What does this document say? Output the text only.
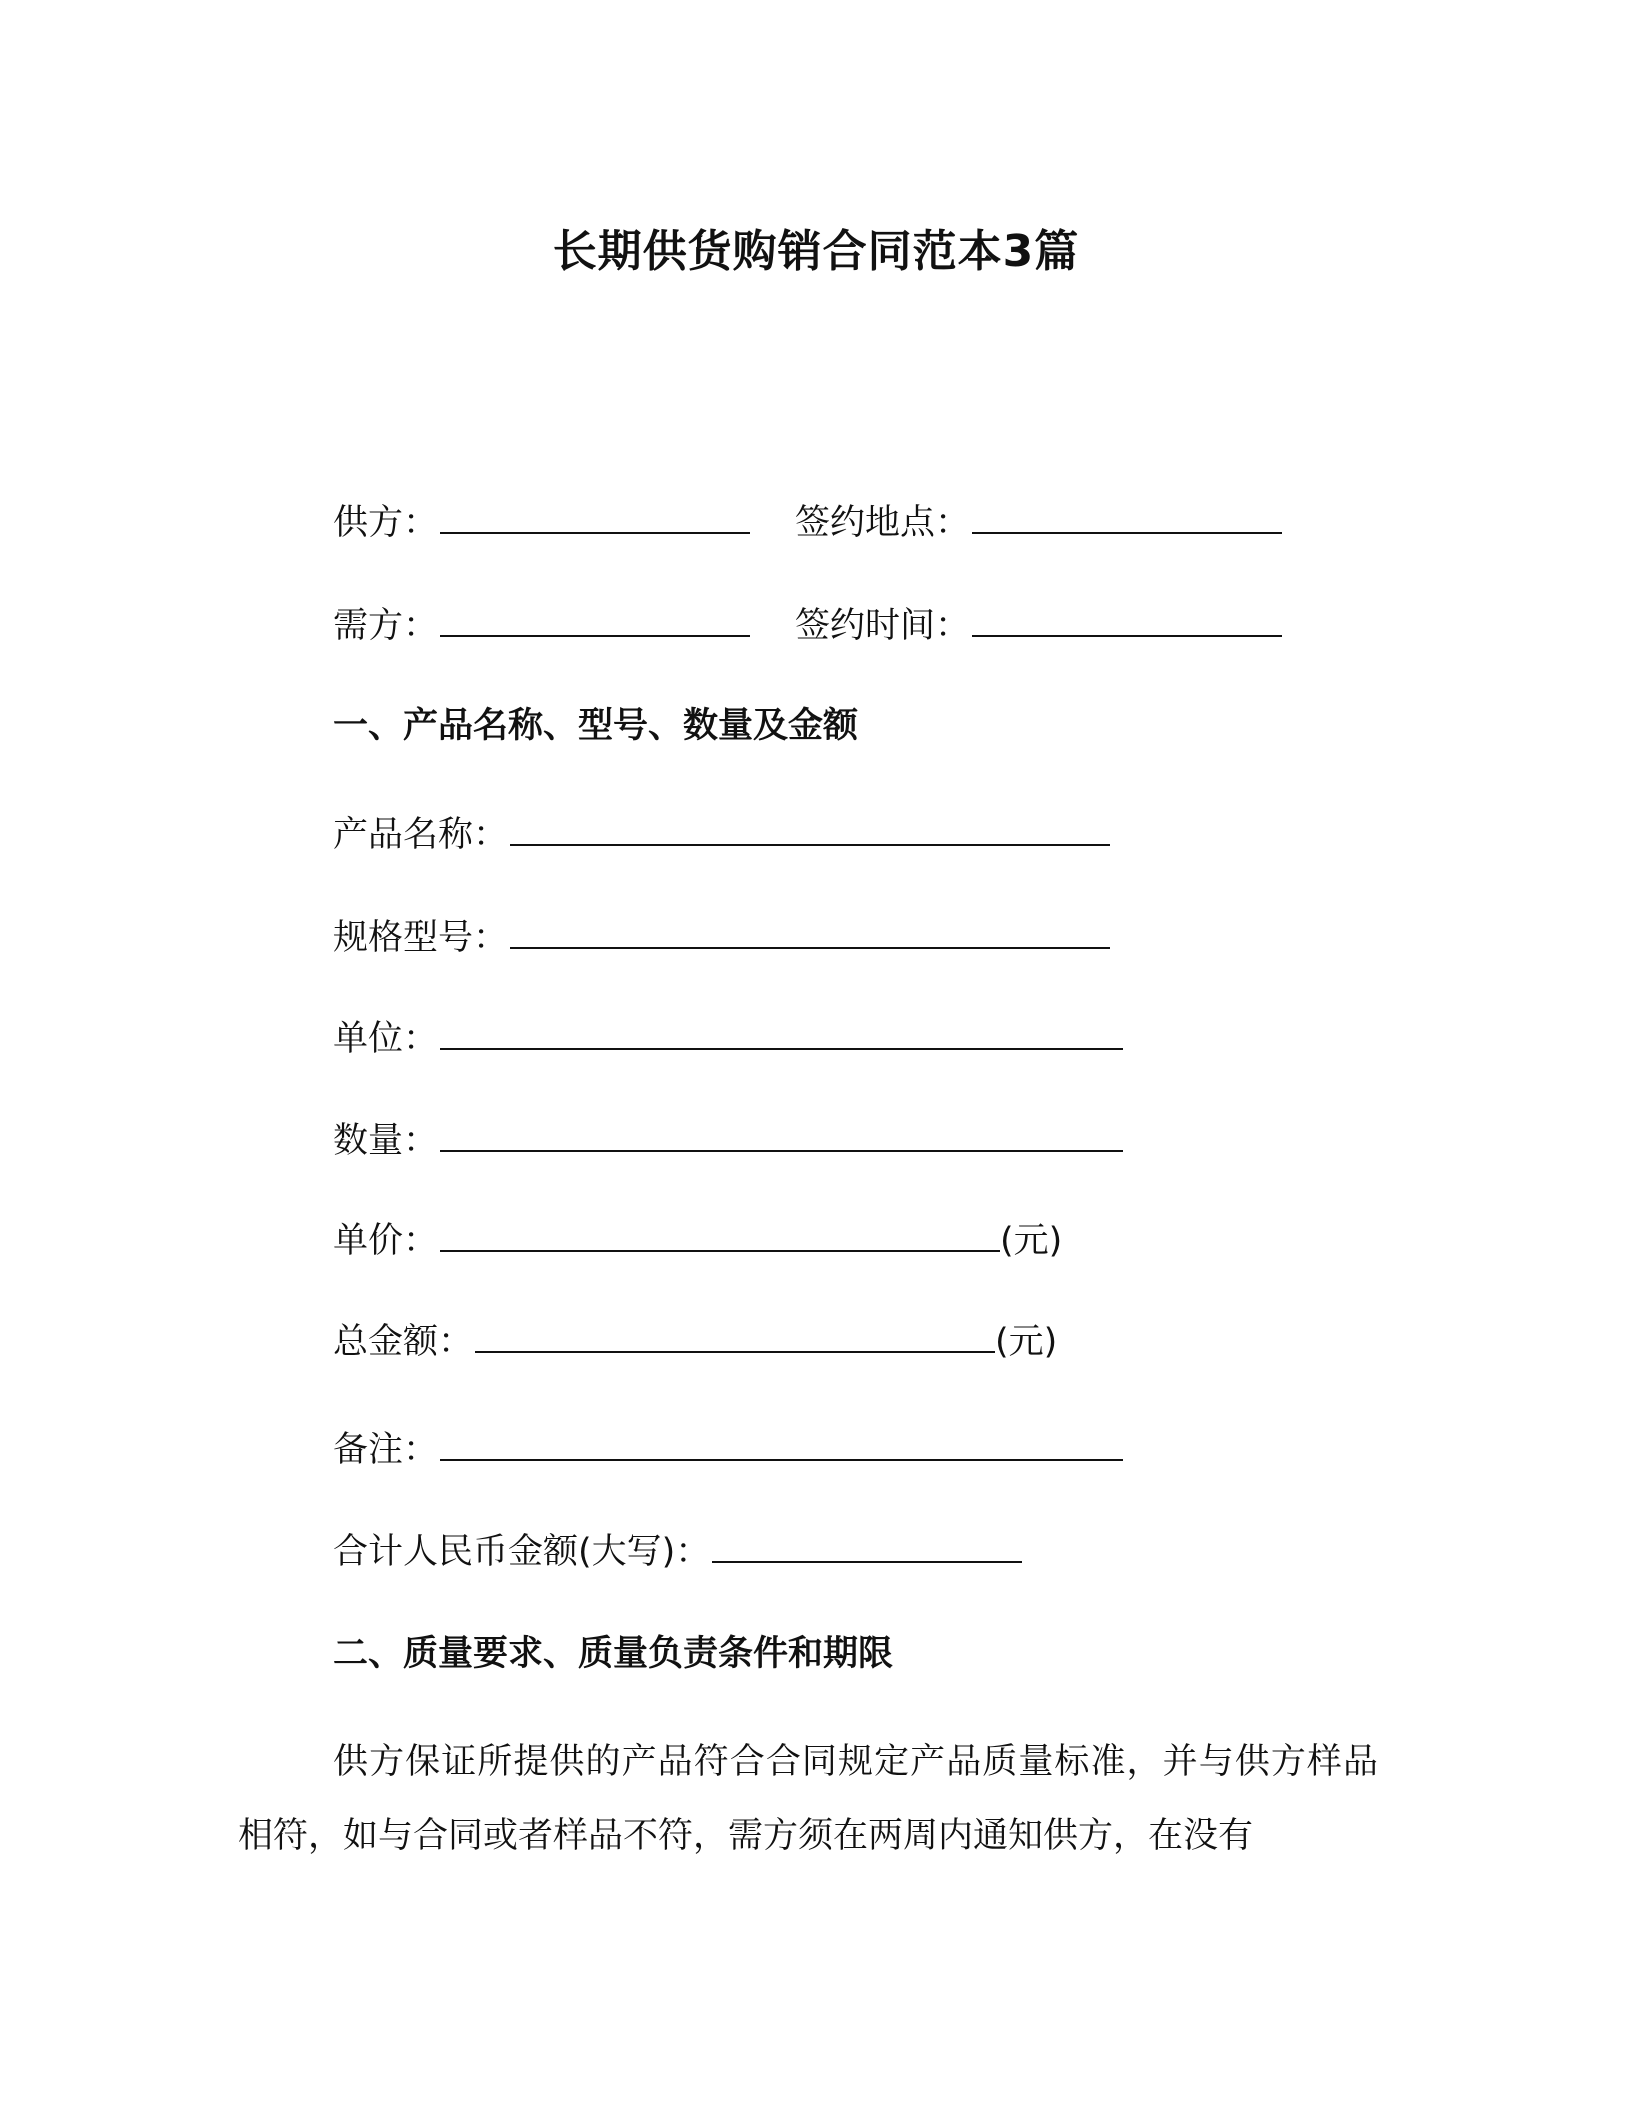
长期供货购销合同范本3篇
供方：	签约地点：
需方：	签约时间：
一、产品名称、型号、数量及金额
产品名称：
规格型号：
单位：
数量：
单价：	(元)
总金额：	(元)
备注：
合计人民币金额(大写)：
二、质量要求、质量负责条件和期限
供方保证所提供的产品符合合同规定产品质量标准，并与供方样品相符，如与合同或者样品不符，需方须在两周内通知供方，在没有
